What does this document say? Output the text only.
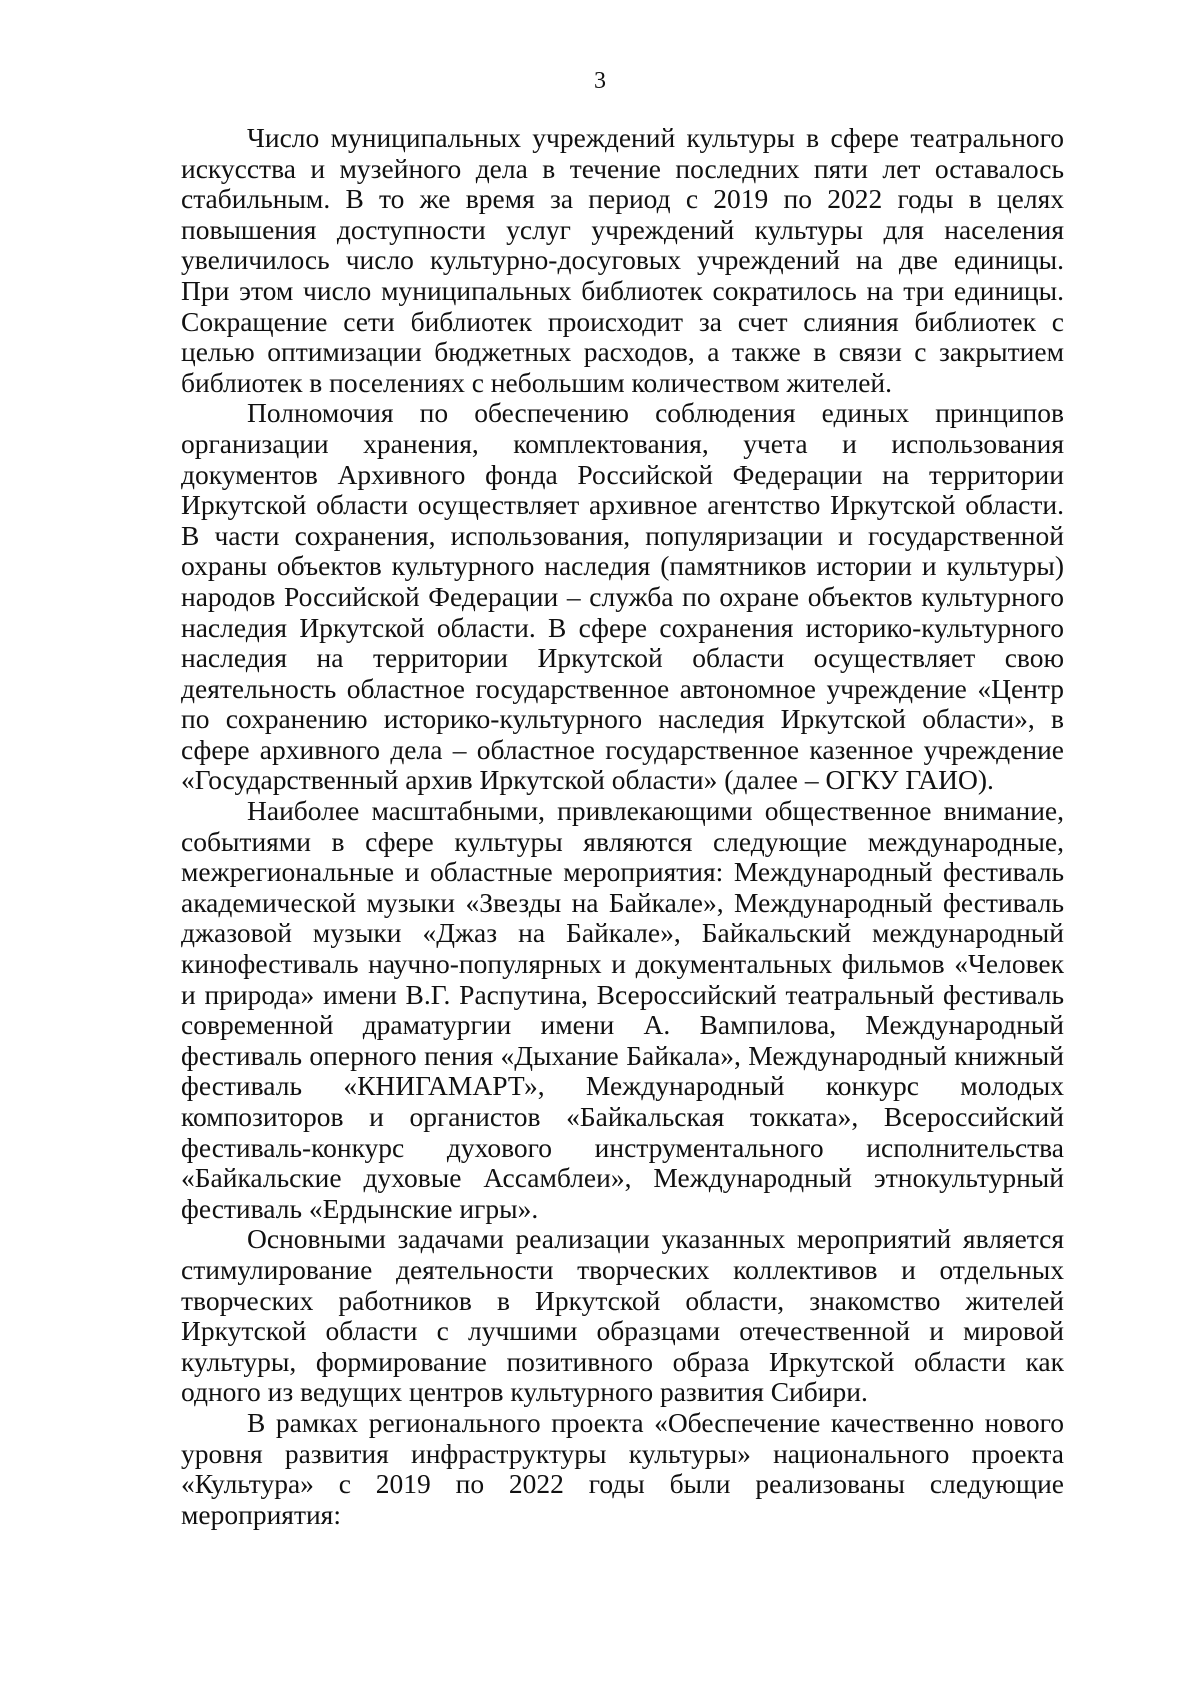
3

Число муниципальных учреждений культуры в сфере театрального искусства и музейного дела в течение последних пяти лет оставалось стабильным. В то же время за период с 2019 по 2022 годы в целях повышения доступности услуг учреждений культуры для населения увеличилось число культурно-досуговых учреждений на две единицы. При этом число муниципальных библиотек сократилось на три единицы. Сокращение сети библиотек происходит за счет слияния библиотек с целью оптимизации бюджетных расходов, а также в связи с закрытием библиотек в поселениях с небольшим количеством жителей.

Полномочия по обеспечению соблюдения единых принципов организации хранения, комплектования, учета и использования документов Архивного фонда Российской Федерации на территории Иркутской области осуществляет архивное агентство Иркутской области. В части сохранения, использования, популяризации и государственной охраны объектов культурного наследия (памятников истории и культуры) народов Российской Федерации – служба по охране объектов культурного наследия Иркутской области. В сфере сохранения историко-культурного наследия на территории Иркутской области осуществляет свою деятельность областное государственное автономное учреждение «Центр по сохранению историко-культурного наследия Иркутской области», в сфере архивного дела – областное государственное казенное учреждение «Государственный архив Иркутской области» (далее – ОГКУ ГАИО).

Наиболее масштабными, привлекающими общественное внимание, событиями в сфере культуры являются следующие международные, межрегиональные и областные мероприятия: Международный фестиваль академической музыки «Звезды на Байкале», Международный фестиваль джазовой музыки «Джаз на Байкале», Байкальский международный кинофестиваль научно-популярных и документальных фильмов «Человек и природа» имени В.Г. Распутина, Всероссийский театральный фестиваль современной драматургии имени А. Вампилова, Международный фестиваль оперного пения «Дыхание Байкала», Международный книжный фестиваль «КНИГАМАРТ», Международный конкурс молодых композиторов и органистов «Байкальская токката», Всероссийский фестиваль-конкурс духового инструментального исполнительства «Байкальские духовые Ассамблеи», Международный этнокультурный фестиваль «Ердынские игры».

Основными задачами реализации указанных мероприятий является стимулирование деятельности творческих коллективов и отдельных творческих работников в Иркутской области, знакомство жителей Иркутской области с лучшими образцами отечественной и мировой культуры, формирование позитивного образа Иркутской области как одного из ведущих центров культурного развития Сибири.

В рамках регионального проекта «Обеспечение качественно нового уровня развития инфраструктуры культуры» национального проекта «Культура» с 2019 по 2022 годы были реализованы следующие мероприятия:
